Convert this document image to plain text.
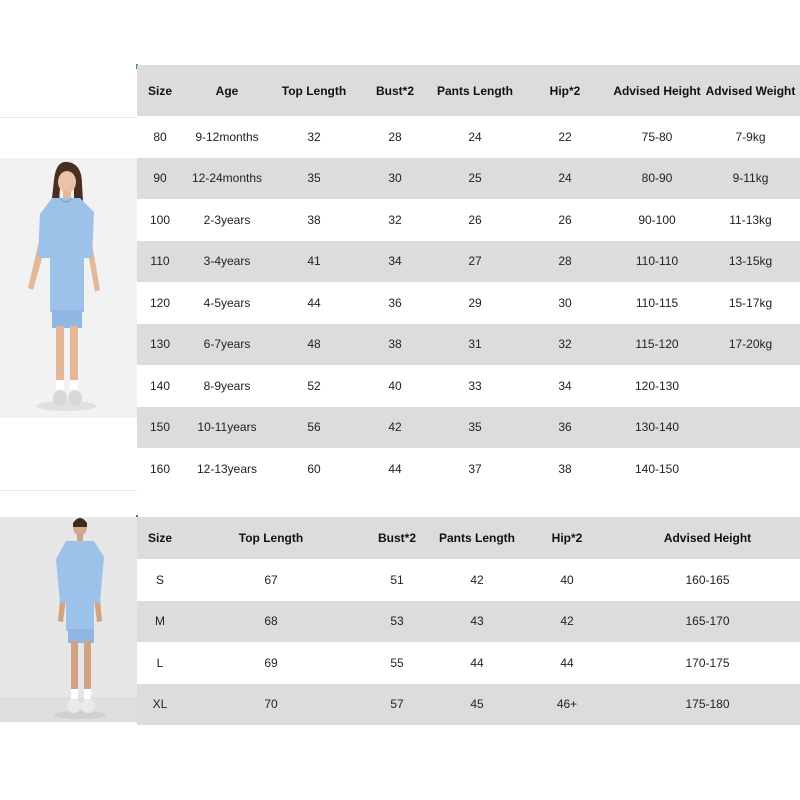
Size	Age	Top Length	Bust*2	Pants Length	Hip*2	Advised Height	Advised Weight
80	9-12months	32	28	24	22	75-80	7-9kg
90	12-24months	35	30	25	24	80-90	9-11kg
100	2-3years	38	32	26	26	90-100	11-13kg
110	3-4years	41	34	27	28	110-110	13-15kg
120	4-5years	44	36	29	30	110-115	15-17kg
130	6-7years	48	38	31	32	115-120	17-20kg
140	8-9years	52	40	33	34	120-130	
150	10-11years	56	42	35	36	130-140	
160	12-13years	60	44	37	38	140-150	
Size	Top Length	Bust*2	Pants Length	Hip*2	Advised Height
S	67	51	42	40	160-165
M	68	53	43	42	165-170
L	69	55	44	44	170-175
XL	70	57	45	46+	175-180
